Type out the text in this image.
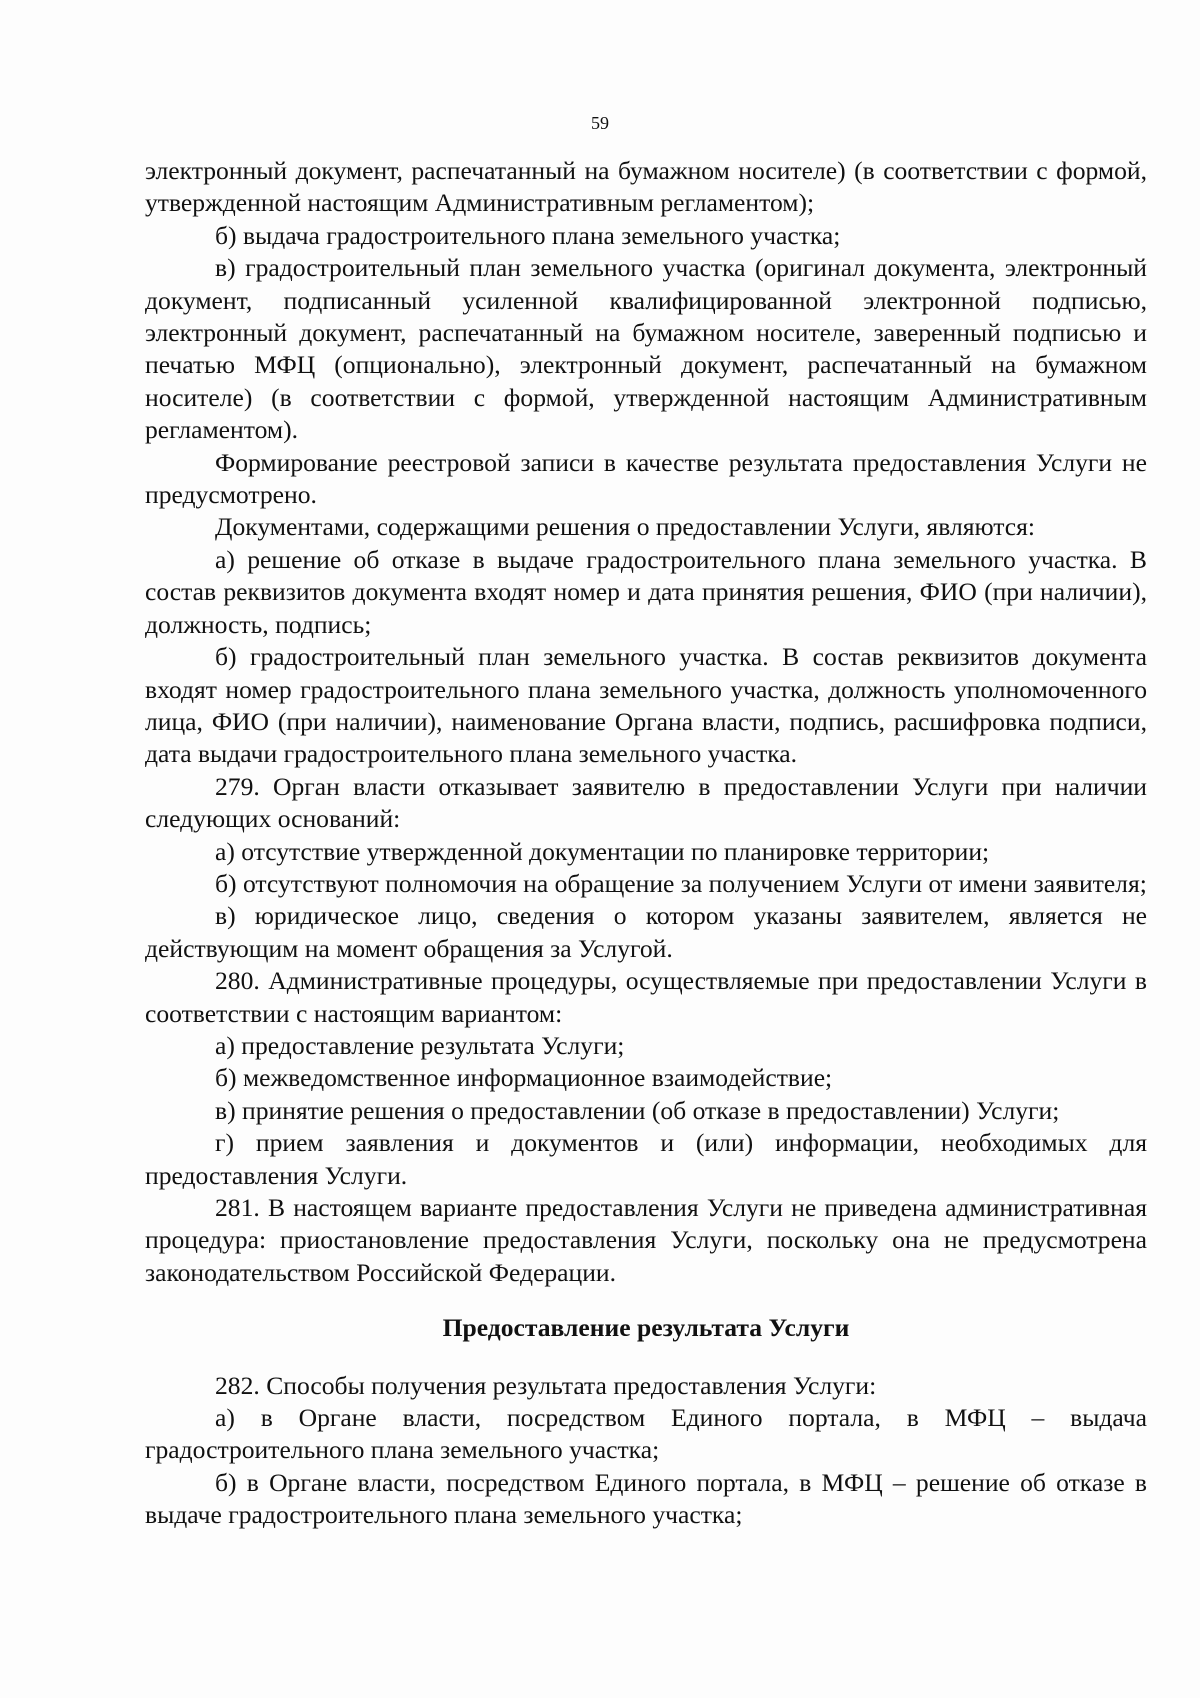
59

электронный документ, распечатанный на бумажном носителе) (в соответствии с формой, утвержденной настоящим Административным регламентом);

б) выдача градостроительного плана земельного участка;

в) градостроительный план земельного участка (оригинал документа, электронный документ, подписанный усиленной квалифицированной электронной подписью, электронный документ, распечатанный на бумажном носителе, заверенный подписью и печатью МФЦ (опционально), электронный документ, распечатанный на бумажном носителе) (в соответствии с формой, утвержденной настоящим Административным регламентом).

Формирование реестровой записи в качестве результата предоставления Услуги не предусмотрено.

Документами, содержащими решения о предоставлении Услуги, являются:

а) решение об отказе в выдаче градостроительного плана земельного участка. В состав реквизитов документа входят номер и дата принятия решения, ФИО (при наличии), должность, подпись;

б) градостроительный план земельного участка. В состав реквизитов документа входят номер градостроительного плана земельного участка, должность уполномоченного лица, ФИО (при наличии), наименование Органа власти, подпись, расшифровка подписи, дата выдачи градостроительного плана земельного участка.

279. Орган власти отказывает заявителю в предоставлении Услуги при наличии следующих оснований:

а) отсутствие утвержденной документации по планировке территории;

б) отсутствуют полномочия на обращение за получением Услуги от имени заявителя;

в) юридическое лицо, сведения о котором указаны заявителем, является не действующим на момент обращения за Услугой.

280. Административные процедуры, осуществляемые при предоставлении Услуги в соответствии с настоящим вариантом:

а) предоставление результата Услуги;

б) межведомственное информационное взаимодействие;

в) принятие решения о предоставлении (об отказе в предоставлении) Услуги;

г) прием заявления и документов и (или) информации, необходимых для предоставления Услуги.

281. В настоящем варианте предоставления Услуги не приведена административная процедура: приостановление предоставления Услуги, поскольку она не предусмотрена законодательством Российской Федерации.

Предоставление результата Услуги

282. Способы получения результата предоставления Услуги:

а) в Органе власти, посредством Единого портала, в МФЦ – выдача градостроительного плана земельного участка;

б) в Органе власти, посредством Единого портала, в МФЦ – решение об отказе в выдаче градостроительного плана земельного участка;
